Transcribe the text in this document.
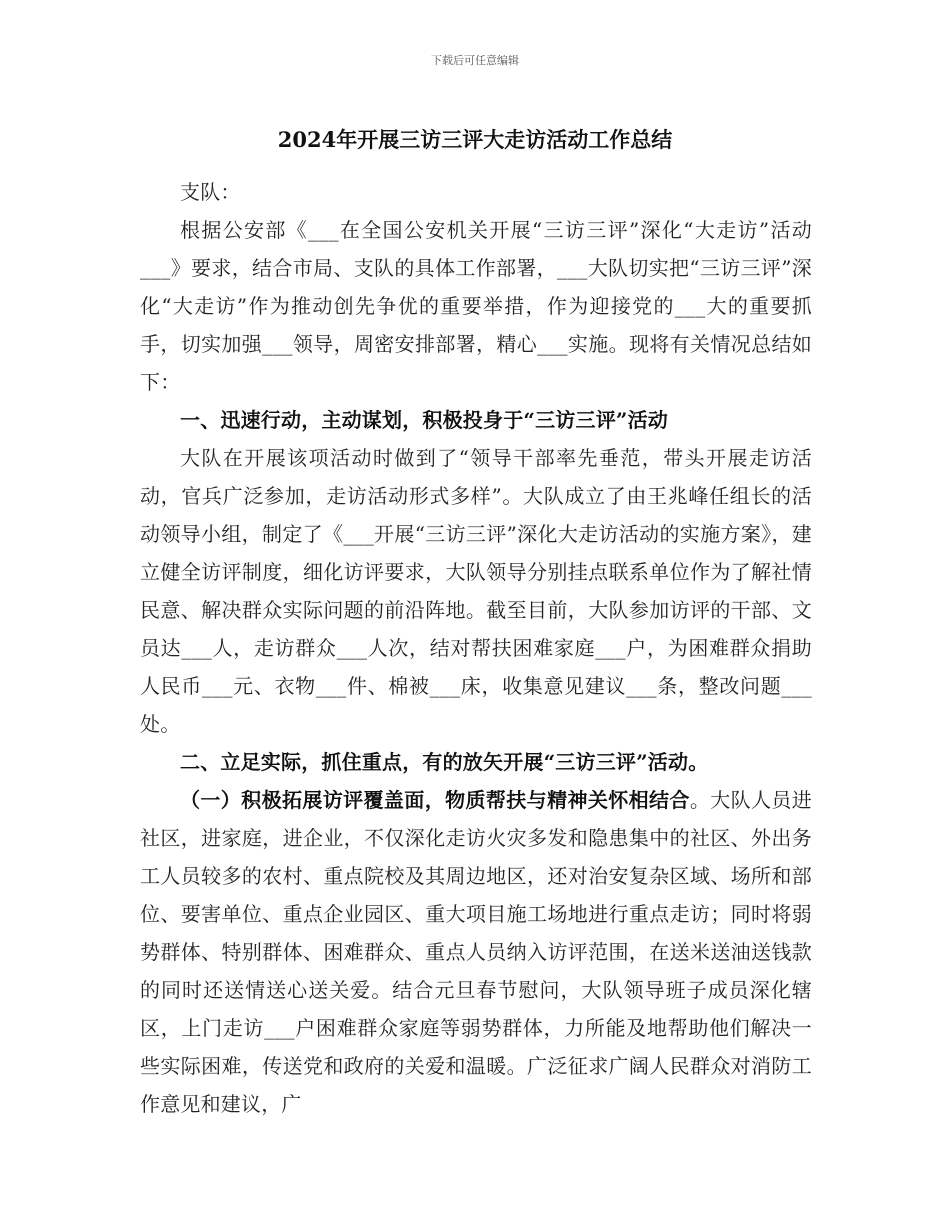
下载后可任意编辑
2024年开展三访三评大走访活动工作总结

支队：

根据公安部《___在全国公安机关开展“三访三评”深化“大走访”活动___》要求，结合市局、支队的具体工作部署，___大队切实把“三访三评”深化“大走访”作为推动创先争优的重要举措，作为迎接党的___大的重要抓手，切实加强___领导，周密安排部署，精心___实施。现将有关情况总结如下：

一、迅速行动，主动谋划，积极投身于“三访三评”活动

大队在开展该项活动时做到了“领导干部率先垂范，带头开展走访活动，官兵广泛参加，走访活动形式多样”。大队成立了由王兆峰任组长的活动领导小组，制定了《___开展“三访三评”深化大走访活动的实施方案》，建立健全访评制度，细化访评要求，大队领导分别挂点联系单位作为了解社情民意、解决群众实际问题的前沿阵地。截至目前，大队参加访评的干部、文员达___人，走访群众___人次，结对帮扶困难家庭___户，为困难群众捐助人民币___元、衣物___件、棉被___床，收集意见建议___条，整改问题___处。

二、立足实际，抓住重点，有的放矢开展“三访三评”活动。

（一）积极拓展访评覆盖面，物质帮扶与精神关怀相结合。大队人员进社区，进家庭，进企业，不仅深化走访火灾多发和隐患集中的社区、外出务工人员较多的农村、重点院校及其周边地区，还对治安复杂区域、场所和部位、要害单位、重点企业园区、重大项目施工场地进行重点走访；同时将弱势群体、特别群体、困难群众、重点人员纳入访评范围，在送米送油送钱款的同时还送情送心送关爱。结合元旦春节慰问，大队领导班子成员深化辖区，上门走访___户困难群众家庭等弱势群体，力所能及地帮助他们解决一些实际困难，传送党和政府的关爱和温暖。广泛征求广阔人民群众对消防工作意见和建议，广
